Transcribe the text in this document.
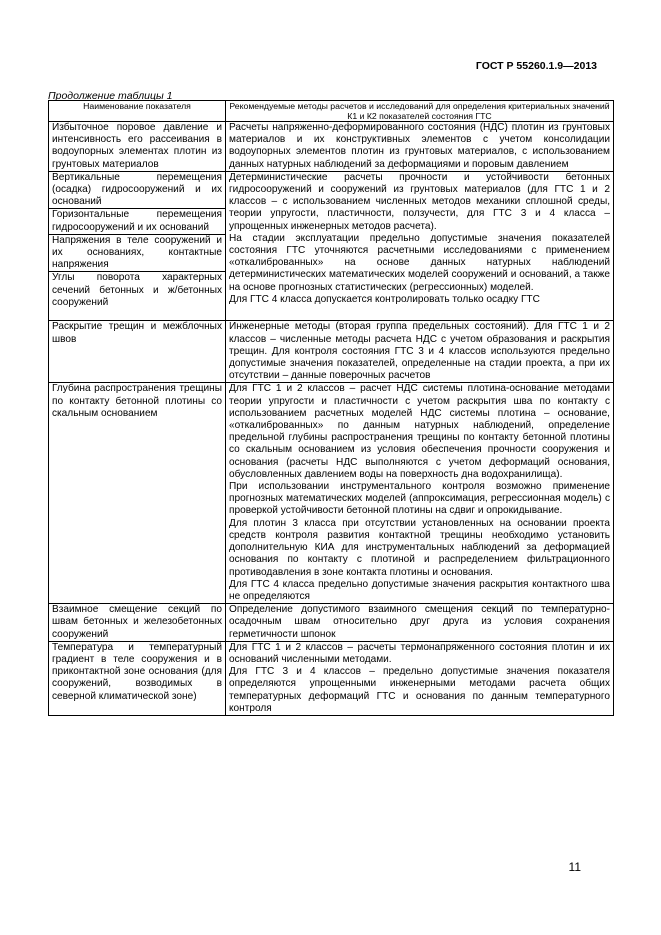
ГОСТ Р 55260.1.9—2013
Продолжение таблицы 1
Наименование показателя	Рекомендуемые методы расчетов и исследований для определения критериальных значений К1 и К2 показателей состояния ГТС
Избыточное поровое давление и интенсивность его рассеивания в водоупорных элементах плотин из грунтовых материалов	Расчеты напряженно-деформированного состояния (НДС) плотин из грунтовых материалов и их конструктивных элементов с учетом консолидации водоупорных элементов плотин из грунтовых материалов, с использованием данных натурных наблюдений за деформациями и поровым давлением
Вертикальные перемещения (осадка) гидросооружений и их оснований	Детерминистические расчеты прочности и устойчивости бетонных гидросооружений и сооружений из грунтовых материалов (для ГТС 1 и 2 классов – с использованием численных методов механики сплошной среды, теории упругости, пластичности, ползучести, для ГТС 3 и 4 класса – упрощенных инженерных методов расчета).

На стадии эксплуатации предельно допустимые значения показателей состояния ГТС уточняются расчетными исследованиями с применением «откалиброванных» на основе данных натурных наблюдений детерминистических математических моделей сооружений и оснований, а также на основе прогнозных статистических (регрессионных) моделей.

Для ГТС 4 класса допускается контролировать только осадку ГТС

Горизонтальные перемещения гидросооружений и их оснований	
Напряжения в теле сооружений и их основаниях, контактные напряжения	
Углы поворота характерных сечений бетонных и ж/бетонных сооружений	
Раскрытие трещин и межблочных швов	Инженерные методы (вторая группа предельных состояний). Для ГТС 1 и 2 классов – численные методы расчета НДС с учетом образования и раскрытия трещин. Для контроля состояния ГТС 3 и 4 классов используются предельно допустимые значения показателей, определенные на стадии проекта, а при их отсутствии – данные поверочных расчетов
Глубина распространения трещины по контакту бетонной плотины со скальным основанием	Для ГТС 1 и 2 классов – расчет НДС системы плотина-основание методами теории упругости и пластичности с учетом раскрытия шва по контакту с использованием расчетных моделей НДС системы плотина – основание, «откалиброванных» по данным натурных наблюдений, определение предельной глубины распространения трещины по контакту бетонной плотины со скальным основанием из условия обеспечения прочности сооружения и основания (расчеты НДС выполняются с учетом деформаций основания, обусловленных давлением воды на поверхность дна водохранилища).

При использовании инструментального контроля возможно применение прогнозных математических моделей (аппроксимация, регрессионная модель) с проверкой устойчивости бетонной плотины на сдвиг и опрокидывание.

Для плотин 3 класса при отсутствии установленных на основании проекта средств контроля развития контактной трещины необходимо установить дополнительную КИА для инструментальных наблюдений за деформацией основания по контакту с плотиной и распределением фильтрационного противодавления в зоне контакта плотины и основания.

Для ГТС 4 класса предельно допустимые значения раскрытия контактного шва не определяются

Взаимное смещение секций по швам бетонных и железобетонных сооружений	Определение допустимого взаимного смещения секций по температурно-осадочным швам относительно друг друга из условия сохранения герметичности шпонок
Температура и температурный градиент в теле сооружения и в приконтактной зоне основания (для сооружений, возводимых в северной климатической зоне)	Для ГТС 1 и 2 классов – расчеты термонапряженного состояния плотин и их оснований численными методами.

Для ГТС 3 и 4 классов – предельно допустимые значения показателя определяются упрощенными инженерными методами расчета общих температурных деформаций ГТС и основания по данным температурного контроля

11
